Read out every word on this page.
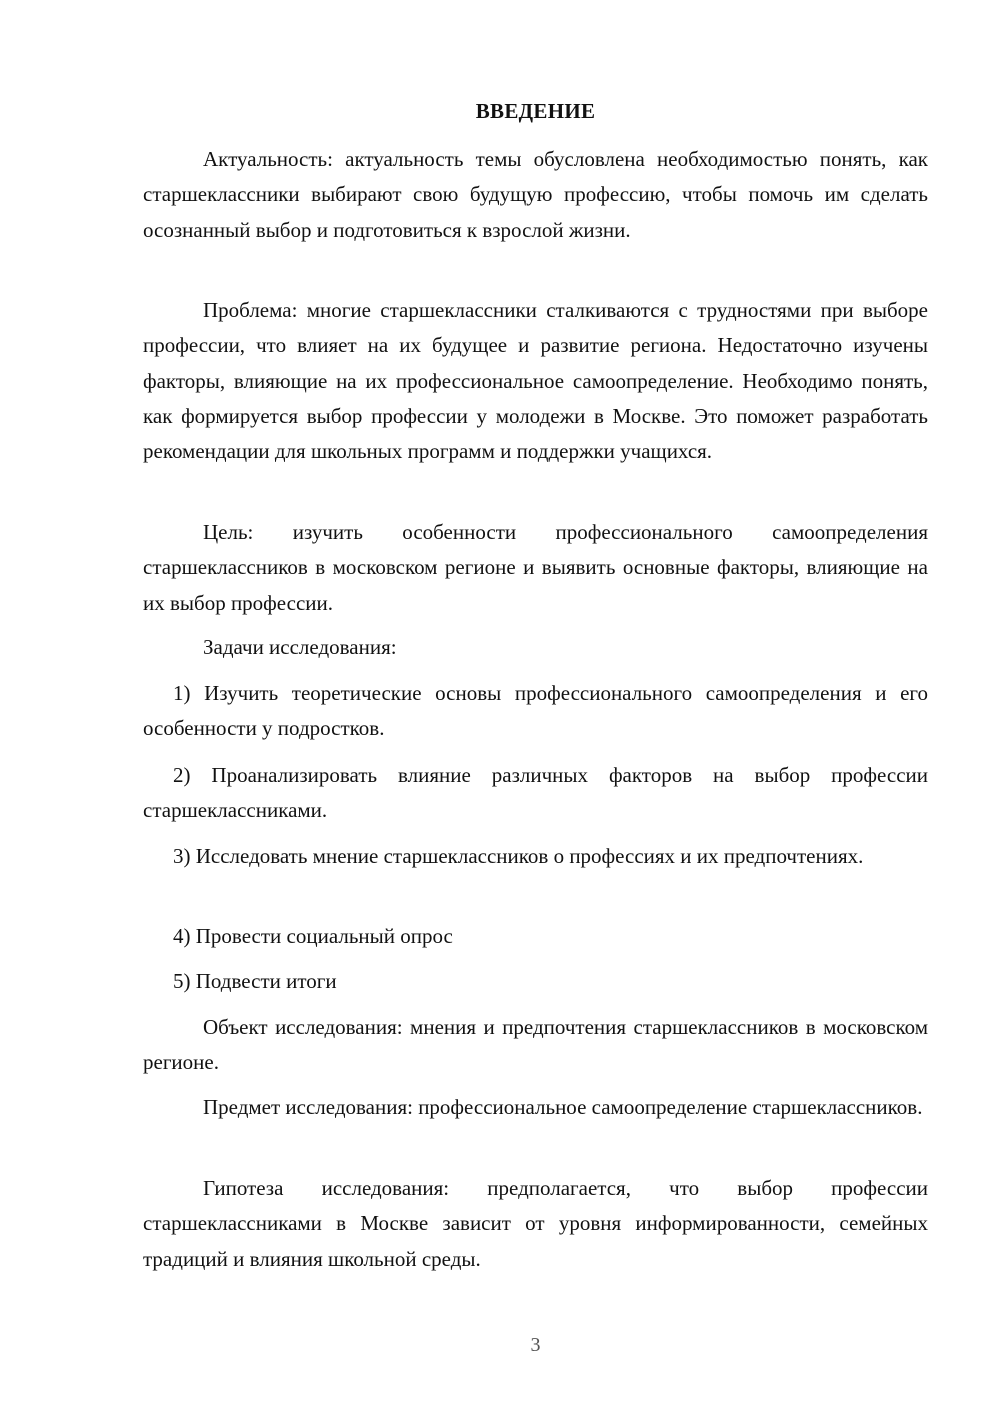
ВВЕДЕНИЕ

Актуальность: актуальность темы обусловлена необходимостью понять, как старшеклассники выбирают свою будущую профессию, чтобы помочь им сделать осознанный выбор и подготовиться к взрослой жизни.

Проблема: многие старшеклассники сталкиваются с трудностями при выборе профессии, что влияет на их будущее и развитие региона. Недостаточно изучены факторы, влияющие на их профессиональное самоопределение. Необходимо понять, как формируется выбор профессии у молодежи в Москве. Это поможет разработать рекомендации для школьных программ и поддержки учащихся.

Цель: изучить особенности профессионального самоопределения старшеклассников в московском регионе и выявить основные факторы, влияющие на их выбор профессии.

Задачи исследования:

1) Изучить теоретические основы профессионального самоопределения и его особенности у подростков.

2) Проанализировать влияние различных факторов на выбор профессии старшеклассниками.

3) Исследовать мнение старшеклассников о профессиях и их предпочтениях.

4) Провести социальный опрос

5) Подвести итоги

Объект исследования: мнения и предпочтения старшеклассников в московском регионе.

Предмет исследования: профессиональное самоопределение старшеклассников.

Гипотеза исследования: предполагается, что выбор профессии старшеклассниками в Москве зависит от уровня информированности, семейных традиций и влияния школьной среды.

3
